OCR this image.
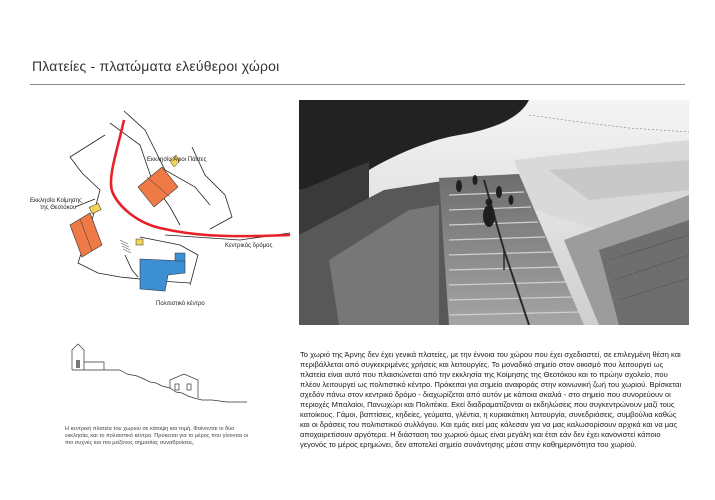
Πλατείες - πλατώματα ελεύθεροι χώροι
Εκκλησία Άγιοι Πάντες
Εκκλησία Κοίμησης
της Θεοτόκου
Κεντρικός δρόμος
Πολιτιστικό κέντρο
Η κεντρική πλατεία του χωριού σε κάτοψη και τομή. Φαίνονται οι δύο εκκλησίες και το πολιτιστικό κέντρο. Πρόκειται για το μέρος που γίνονται οι πιο συχνές και πιο μείζονος σημασίας συναθροίσεις.
Το χωριό της Άρνης δεν έχει γενικά πλατείες, με την έννοια του χώρου που έχει σχεδιαστεί, σε επιλεγμένη θέση και περιβάλλεται από συγκεκριμένες χρήσεις και λειτουργίες. Το μοναδικό σημείο στον οικισμό που λειτουργεί ως πλατεία είναι αυτό που πλαισιώνεται από την εκκλησία της Κοίμησης της Θεοτόκου και το πρώην σχολείο, που πλέον λειτουργεί ως πολιτιστικό κέντρο. Πρόκειται για σημείο αναφοράς στην κοινωνική ζωή του χωριού. Βρίσκεται σχεδόν πάνω στον κεντρικό δρόμο - διαχωρίζεται από αυτόν με κάποια σκαλιά - στο σημείο που συνορεύουν οι περιοχές Μπαλαίοι, Πανωχώρι και Πολιτέικα. Εκεί διαδραματίζονται οι εκδηλώσεις που συγκεντρώνουν μαζί τους κατοίκους. Γάμοι, βαπτίσεις, κηδείες, γεύματα, γλέντια, η κυριακάτικη λειτουργία, συνεδριάσεις, συμβούλια καθώς και οι δράσεις του πολιτιστικού συλλόγου. Και εμάς εκεί μας κάλεσαν για να μας καλωσορίσουν αρχικά και να μας αποχαιρετίσουν αργότερα. Η διάσταση του χωριού όμως είναι μεγάλη και έτσι εάν δεν έχει κανονιστεί κάποιο γεγονός το μέρος ερημώνει, δεν αποτελεί σημείο συνάντησης μέσα στην καθημερινότητα του χωριού.
